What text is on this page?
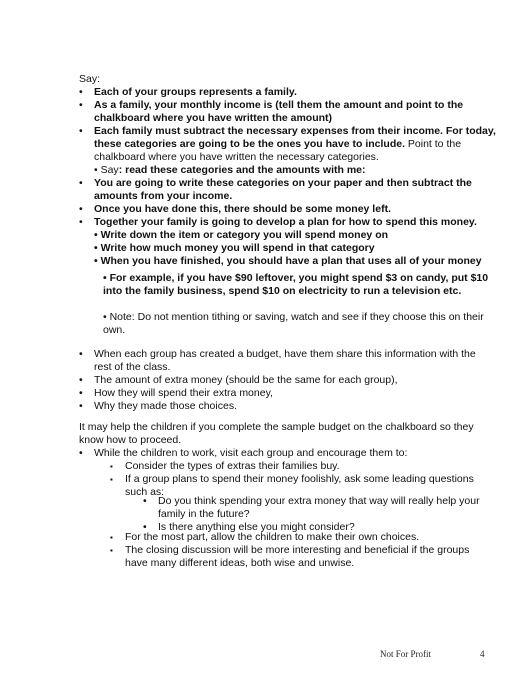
Say:
• Each of your groups represents a family.
• As a family, your monthly income is (tell them the amount and point to the chalkboard where you have written the amount)
• Each family must subtract the necessary expenses from their income. For today, these categories are going to be the ones you have to include. Point to the chalkboard where you have written the necessary categories.
• Say: read these categories and the amounts with me:
• You are going to write these categories on your paper and then subtract the amounts from your income.
• Once you have done this, there should be some money left.
• Together your family is going to develop a plan for how to spend this money.
• Write down the item or category you will spend money on
• Write how much money you will spend in that category
• When you have finished, you should have a plan that uses all of your money
• For example, if you have $90 leftover, you might spend $3 on candy, put $10 into the family business, spend $10 on electricity to run a television etc.
• Note: Do not mention tithing or saving, watch and see if they choose this on their own.
• When each group has created a budget, have them share this information with the rest of the class.
• The amount of extra money (should be the same for each group),
• How they will spend their extra money,
• Why they made those choices.
It may help the children if you complete the sample budget on the chalkboard so they know how to proceed.
• While the children to work, visit each group and encourage them to:
▪ Consider the types of extras their families buy.
▪ If a group plans to spend their money foolishly, ask some leading questions such as:
• Do you think spending your extra money that way will really help your family in the future?
• Is there anything else you might consider?
▪ For the most part, allow the children to make their own choices.
▪ The closing discussion will be more interesting and beneficial if the groups have many different ideas, both wise and unwise.
Not For Profit	4
